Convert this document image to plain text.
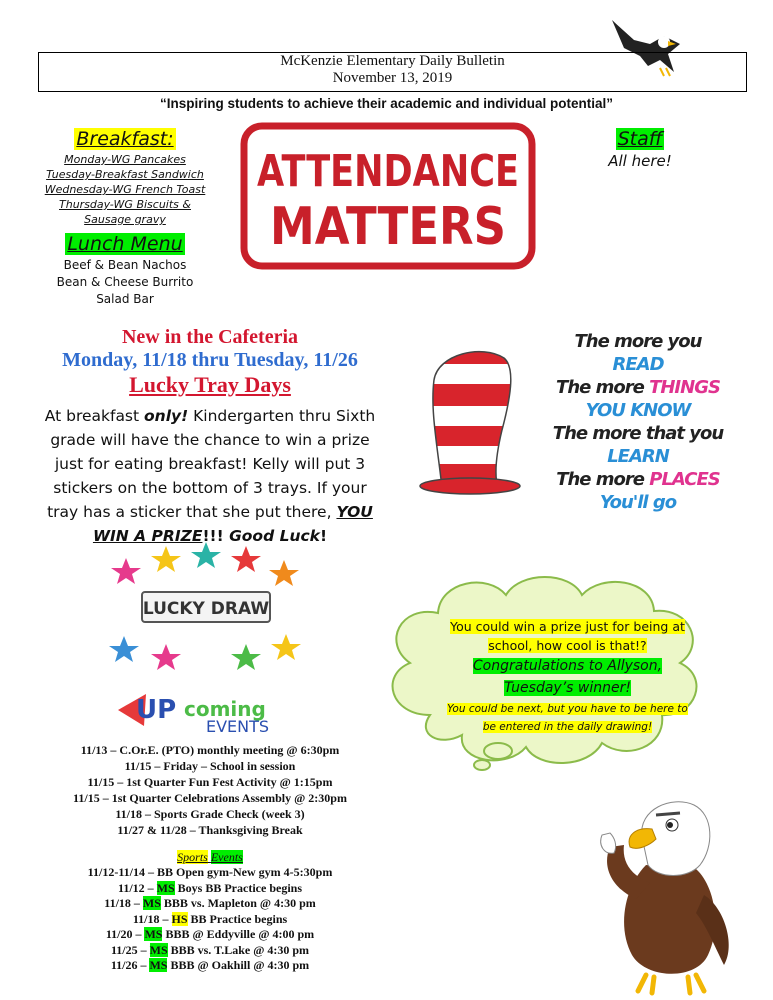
McKenzie Elementary Daily Bulletin
November 13, 2019
“Inspiring students to achieve their academic and individual potential”
Breakfast:
Monday-WG Pancakes
Tuesday-Breakfast Sandwich
Wednesday-WG French Toast
Thursday-WG Biscuits &
Sausage gravy
Lunch Menu
Beef & Bean Nachos
Bean & Cheese Burrito
Salad Bar
ATTENDANCE
MATTERS
Staff
All here!
New in the Cafeteria
Monday, 11/18 thru Tuesday, 11/26
Lucky Tray Days
At breakfast only! Kindergarten thru Sixth grade will have the chance to win a prize just for eating breakfast! Kelly will put 3 stickers on the bottom of 3 trays. If your tray has a sticker that she put there, YOU WIN A PRIZE!!! Good Luck!
The more you READ
The more THINGS
YOU KNOW
The more that you
LEARN
The more PLACES
You'll go
LUCKY DRAW
UP coming
EVENTS
11/13 – C.Or.E. (PTO) monthly meeting @ 6:30pm
11/15 – Friday – School in session
11/15 – 1st Quarter Fun Fest Activity @ 1:15pm
11/15 – 1st Quarter Celebrations Assembly @ 2:30pm
11/18 – Sports Grade Check (week 3)
11/27 & 11/28 – Thanksgiving Break
Sports Events
11/12-11/14 – BB Open gym-New gym 4-5:30pm
11/12 – MS Boys BB Practice begins
11/18 – MS BBB vs. Mapleton @ 4:30 pm
11/18 – HS BB Practice begins
11/20 – MS BBB @ Eddyville @ 4:00 pm
11/25 – MS BBB vs. T.Lake @ 4:30 pm
11/26 – MS BBB @ Oakhill @ 4:30 pm
You could win a prize just for being at school, how cool is that!?
Congratulations to Allyson, Tuesday’s winner!
You could be next, but you have to be here to be entered in the daily drawing!
